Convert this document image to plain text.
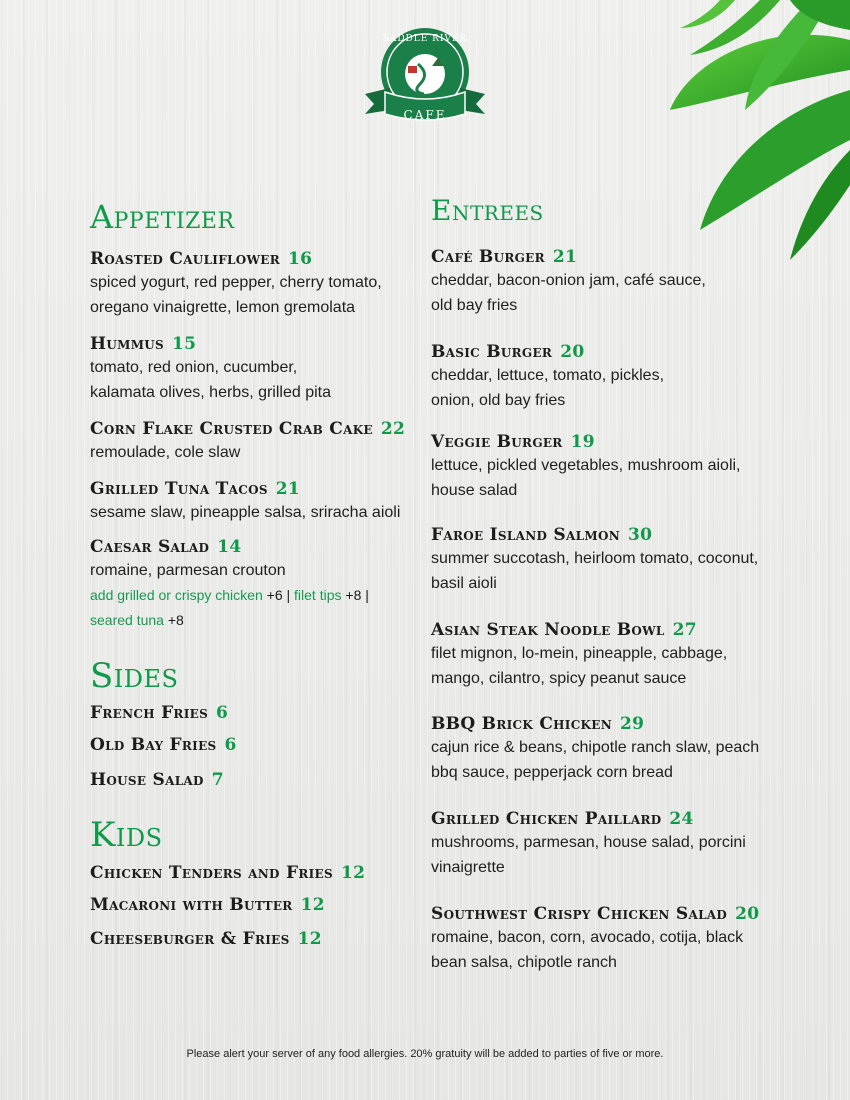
SADDLE RIVER
CAFE
Appetizer
Roasted Cauliflower 16
spiced yogurt, red pepper, cherry tomato,
oregano vinaigrette, lemon gremolata
Hummus 15
tomato, red onion, cucumber,
kalamata olives, herbs, grilled pita
Corn Flake Crusted Crab Cake 22
remoulade, cole slaw
Grilled Tuna Tacos 21
sesame slaw, pineapple salsa, sriracha aioli
Caesar Salad 14
romaine, parmesan crouton
add grilled or crispy chicken +6 | filet tips +8 |
seared tuna +8
Sides
French Fries 6
Old Bay Fries 6
House Salad 7
Kids
Chicken Tenders and Fries 12
Macaroni with Butter 12
Cheeseburger & Fries 12
Entrees
Café Burger 21
cheddar, bacon-onion jam, café sauce,
old bay fries
Basic Burger 20
cheddar, lettuce, tomato, pickles,
onion, old bay fries
Veggie Burger 19
lettuce, pickled vegetables, mushroom aioli,
house salad
Faroe Island Salmon 30
summer succotash, heirloom tomato, coconut,
basil aioli
Asian Steak Noodle Bowl 27
filet mignon, lo-mein, pineapple, cabbage,
mango, cilantro, spicy peanut sauce
BBQ Brick Chicken 29
cajun rice & beans, chipotle ranch slaw, peach
bbq sauce, pepperjack corn bread
Grilled Chicken Paillard 24
mushrooms, parmesan, house salad, porcini
vinaigrette
Southwest Crispy Chicken Salad 20
romaine, bacon, corn, avocado, cotija, black
bean salsa, chipotle ranch
Please alert your server of any food allergies. 20% gratuity will be added to parties of five or more.
